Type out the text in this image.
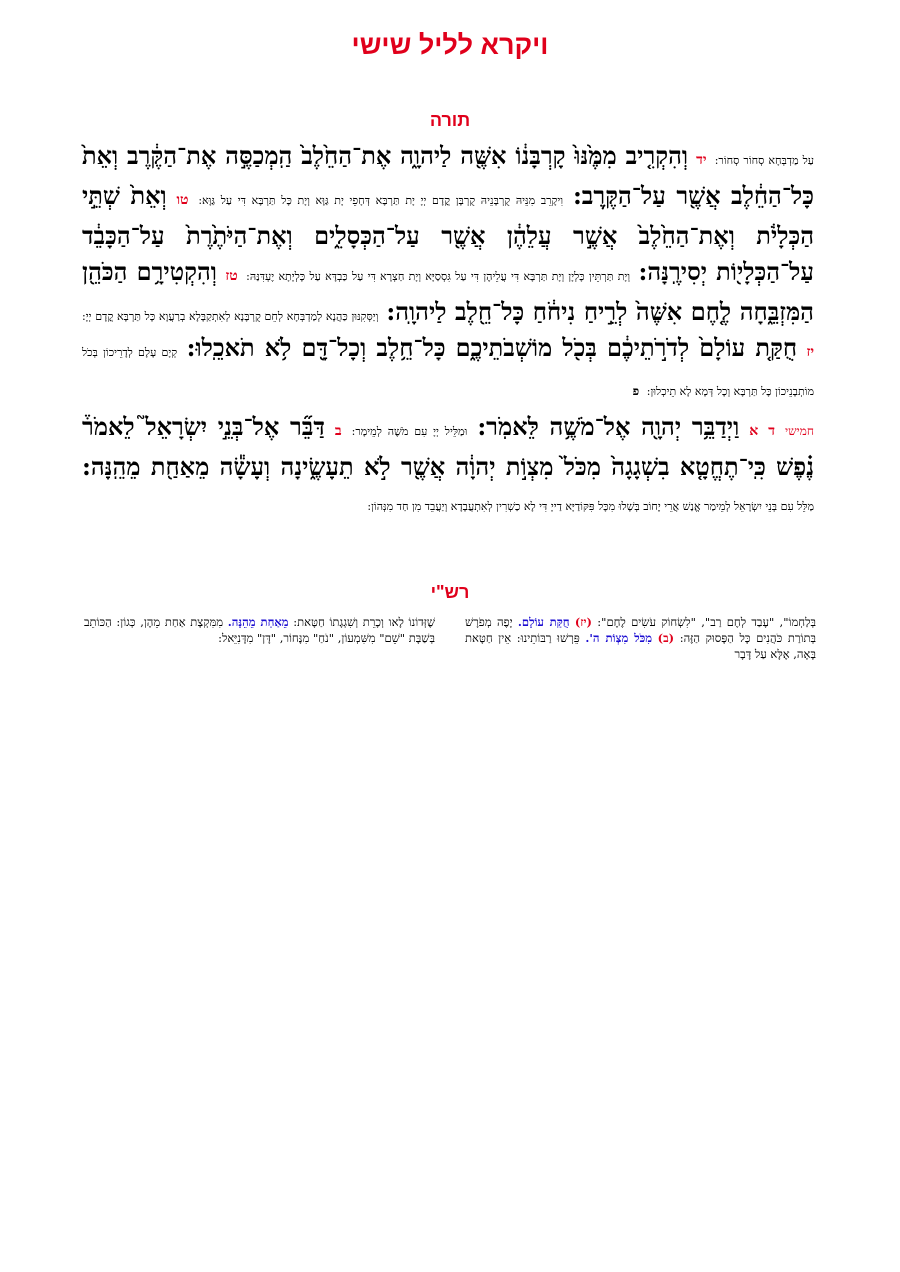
ויקרא לליל שישי
תורה
עַל מַדְבְּחָא סְחוֹר סְחוֹר: יד וְהִקְרִ֤יב מִמֶּ֙נּוּ֙ קָרְבָּנ֔וֹ אִשֶּׁ֖ה לַיהוָ֑ה אֶת־הַחֵ֙לֶב֙ הַֽמְכַסֶּ֣ה אֶת־הַקֶּ֔רֶב וְאֵת֙ כָּל־הַחֵ֔לֶב אֲשֶׁ֖ר עַל־הַקֶּֽרֶב: וִיקָרֵב מִנֵּיהּ קֻרְבָּנֵיהּ קֻרְבָּן קֳדָם יְיָ יָת תַּרְבָּא דְּחָפֵי יָת גַּוָּא וְיָת כָּל תַּרְבָּא דִּי עַל גַּוָּא: טו וְאֵת֙ שְׁתֵּ֣י הַכְּלָיֹ֔ת וְאֶת־הַחֵ֙לֶב֙ אֲשֶׁ֣ר עֲלֵהֶ֔ן אֲשֶׁ֖ר עַל־הַכְּסָלִ֑ים וְאֶת־הַיֹּתֶ֙רֶת֙ עַל־הַכָּבֵ֔ד עַל־הַכְּלָי֖וֹת יְסִירֶֽנָּה: וְיָת תַּרְתֵּין כָּלְיָן וְיָת תַּרְבָּא דִּי עֲלֵיהֶן דִּי עַל גִּסְסַיָּא וְיָת חַצְרָא דִּי עַל כַּבְדָּא עַל כָּלְיָתָא יֶעְדִּנַּהּ: טז וְהִקְטִירָ֥ם הַכֹּהֵ֖ן הַמִּזְבֵּ֑חָה לֶ֤חֶם אִשֶּׁה֙ לְרֵ֣יחַ נִיחֹ֔חַ כָּל־חֵ֖לֶב לַיהוָֽה: וְיַסְּקִנּוּן כַּהֲנָא לְמַדְבְּחָא לְחֵם קֻרְבָּנָא לְאִתְקַבָּלָא בְרַעֲוָא כָּל תַּרְבָּא קֳדָם יְיָ: יז חֻקַּ֤ת עוֹלָם֙ לְדֹרֹ֣תֵיכֶ֔ם בְּכֹ֖ל מוֹשְׁבֹתֵיכֶ֑ם כָּל־חֵ֥לֶב וְכָל־דָּ֖ם לֹ֥א תֹאכֵֽלוּ: קְיָם עָלָם לְדָרֵיכוֹן בְּכֹל מוֹתְבָנֵיכוֹן כָּל תַּרְבָּא וְכָל דְּמָא לָא תֵיכְלוּן: פ
חמישי ד א וַיְדַבֵּ֥ר יְהוָ֖ה אֶל־מֹשֶׁ֥ה לֵּאמֹֽר: וּמַלֵּיל יְיָ עִם מֹשֶׁה לְמֵימָר: ב דַּבֵּ֞ר אֶל־בְּנֵ֣י יִשְׂרָאֵל֮ לֵאמֹר֒ נֶ֗פֶשׁ כִּֽי־תֶחֱטָ֤א בִשְׁגָגָה֙ מִכֹּל֙ מִצְוֹ֣ת יְהוָ֔ה אֲשֶׁ֖ר לֹ֣א תֵעָשֶׂ֑ינָה וְעָשָׂ֕ה מֵאַחַ֖ת מֵהֵֽנָּה: מַלֵּל עִם בְּנֵי יִשְׂרָאֵל לְמֵימַר אֱנַשׁ אֲרֵי יֶחוֹב בְּשָׁלוּ מִכָּל פִּקּוֹדַיָּא דַייָ דִּי לָא כַשְׁרִין לְאִתְעֲבָדָא וְיַעֲבֵד מִן חַד מִנְּהוֹן:
רש"י
בְּלַחְמוֹ", "עָבַד לְחֶם רַב", "לִשְׂחוֹק עֹשִׂים לֶחֶם": (יז) חֻקַּת עוֹלָם. יָפֶה מְפֹרָשׁ בְּתוֹרַת כֹּהֲנִים כָּל הַפָּסוּק הַזֶּה: (ב) מִכֹּל מִצְוֹת ה'. פֵּרְשׁוּ רַבּוֹתֵינוּ: אֵין חַטָּאת בָּאָה, אֶלָּא עַל דָּבָר
שֶׁזְּדוֹנוֹ לָאו וְכָרֵת וְשִׁגְגָתוֹ חַטָּאת: מֵאַחַת מֵהֵנָּה. מִמִּקְצָת אַחַת מֵהֶן, כְּגוֹן: הַכּוֹתֵב בְּשַׁבָּת "שֵׁם" מִשִּׁמְעוֹן, "נֹחַ" מִנָּחוֹר, "דָּן" מִדָּנִיֵּאל:
